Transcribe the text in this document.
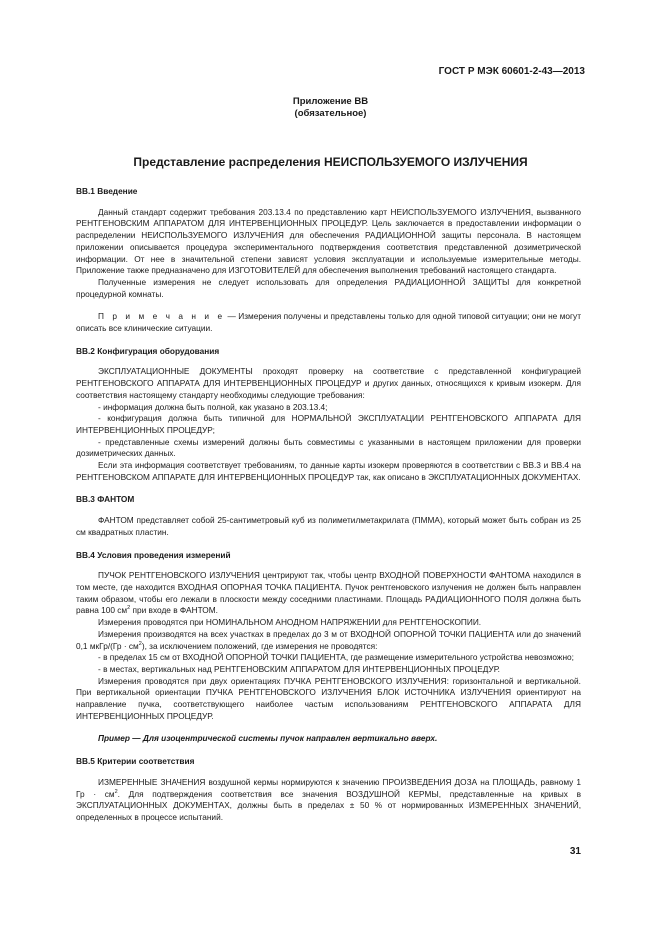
ГОСТ Р МЭК 60601-2-43—2013
Приложение ВВ
(обязательное)
Представление распределения НЕИСПОЛЬЗУЕМОГО ИЗЛУЧЕНИЯ

ВВ.1 Введение

Данный стандарт содержит требования 203.13.4 по представлению карт НЕИСПОЛЬЗУЕМОГО ИЗЛУЧЕНИЯ, вызванного РЕНТГЕНОВСКИМ АППАРАТОМ ДЛЯ ИНТЕРВЕНЦИОННЫХ ПРОЦЕДУР. Цель заключается в предоставлении информации о распределении НЕИСПОЛЬЗУЕМОГО ИЗЛУЧЕНИЯ для обеспечения РАДИАЦИОННОЙ защиты персонала. В настоящем приложении описывается процедура экспериментального подтверждения соответствия представленной дозиметрической информации. От нее в значительной степени зависят условия эксплуатации и используемые измерительные методы. Приложение также предназначено для ИЗГОТОВИТЕЛЕЙ для обеспечения выполнения требований настоящего стандарта.

Полученные измерения не следует использовать для определения РАДИАЦИОННОЙ ЗАЩИТЫ для конкретной процедурной комнаты.

П р и м е ч а н и е — Измерения получены и представлены только для одной типовой ситуации; они не могут описать все клинические ситуации.

ВВ.2 Конфигурация оборудования

ЭКСПЛУАТАЦИОННЫЕ ДОКУМЕНТЫ проходят проверку на соответствие с представленной конфигурацией РЕНТГЕНОВСКОГО АППАРАТА ДЛЯ ИНТЕРВЕНЦИОННЫХ ПРОЦЕДУР и других данных, относящихся к кривым изокерм. Для соответствия настоящему стандарту необходимы следующие требования:

- информация должна быть полной, как указано в 203.13.4;

- конфигурация должна быть типичной для НОРМАЛЬНОЙ ЭКСПЛУАТАЦИИ РЕНТГЕНОВСКОГО АППАРАТА ДЛЯ ИНТЕРВЕНЦИОННЫХ ПРОЦЕДУР;

- представленные схемы измерений должны быть совместимы с указанными в настоящем приложении для проверки дозиметрических данных.

Если эта информация соответствует требованиям, то данные карты изокерм проверяются в соответствии с ВВ.3 и ВВ.4 на РЕНТГЕНОВСКОМ АППАРАТЕ ДЛЯ ИНТЕРВЕНЦИОННЫХ ПРОЦЕДУР так, как описано в ЭКСПЛУАТАЦИОННЫХ ДОКУМЕНТАХ.

ВВ.3 ФАНТОМ

ФАНТОМ представляет собой 25-сантиметровый куб из полиметилметакрилата (ПММА), который может быть собран из 25 см квадратных пластин.

ВВ.4 Условия проведения измерений

ПУЧОК РЕНТГЕНОВСКОГО ИЗЛУЧЕНИЯ центрируют так, чтобы центр ВХОДНОЙ ПОВЕРХНОСТИ ФАНТОМА находился в том месте, где находится ВХОДНАЯ ОПОРНАЯ ТОЧКА ПАЦИЕНТА. Пучок рентгеновского излучения не должен быть направлен таким образом, чтобы его лежали в плоскости между соседними пластинами. Площадь РАДИАЦИОННОГО ПОЛЯ должна быть равна 100 $см^2$ при входе в ФАНТОМ.

Измерения проводятся при НОМИНАЛЬНОМ АНОДНОМ НАПРЯЖЕНИИ для РЕНТГЕНОСКОПИИ.

Измерения производятся на всех участках в пределах до 3 м от ВХОДНОЙ ОПОРНОЙ ТОЧКИ ПАЦИЕНТА или до значений 0,1 мкГр/(Гр · $см^2$), за исключением положений, где измерения не проводятся:

- в пределах 15 см от ВХОДНОЙ ОПОРНОЙ ТОЧКИ ПАЦИЕНТА, где размещение измерительного устройства невозможно;

- в местах, вертикальных над РЕНТГЕНОВСКИМ АППАРАТОМ ДЛЯ ИНТЕРВЕНЦИОННЫХ ПРОЦЕДУР.

Измерения проводятся при двух ориентациях ПУЧКА РЕНТГЕНОВСКОГО ИЗЛУЧЕНИЯ: горизонтальной и вертикальной. При вертикальной ориентации ПУЧКА РЕНТГЕНОВСКОГО ИЗЛУЧЕНИЯ БЛОК ИСТОЧНИКА ИЗЛУЧЕНИЯ ориентируют на направление пучка, соответствующего наиболее частым использованиям РЕНТГЕНОВСКОГО АППАРАТА ДЛЯ ИНТЕРВЕНЦИОННЫХ ПРОЦЕДУР.

Пример — Для изоцентрической системы пучок направлен вертикально вверх.

ВВ.5 Критерии соответствия

ИЗМЕРЕННЫЕ ЗНАЧЕНИЯ воздушной кермы нормируются к значению ПРОИЗВЕДЕНИЯ ДОЗА на ПЛОЩАДЬ, равному 1 Гр · $см^2$. Для подтверждения соответствия все значения ВОЗДУШНОЙ КЕРМЫ, представленные на кривых в ЭКСПЛУАТАЦИОННЫХ ДОКУМЕНТАХ, должны быть в пределах ± 50 % от нормированных ИЗМЕРЕННЫХ ЗНАЧЕНИЙ, определенных в процессе испытаний.

31
